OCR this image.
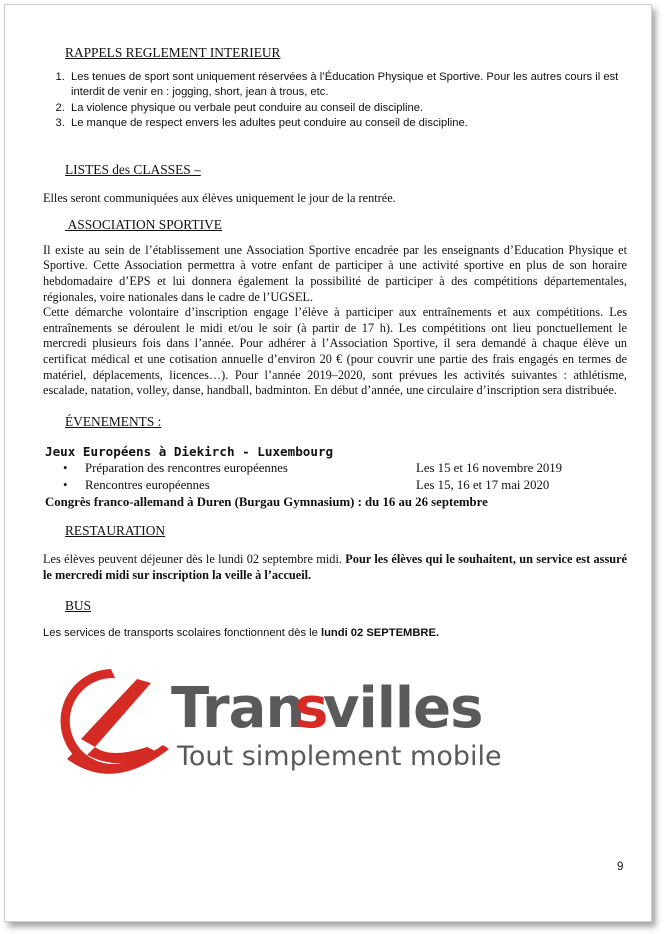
RAPPELS REGLEMENT INTERIEUR
1. Les tenues de sport sont uniquement réservées à l’Éducation Physique et Sportive. Pour les autres cours il est interdit de venir en : jogging, short, jean à trous, etc.
2. La violence physique ou verbale peut conduire au conseil de discipline.
3. Le manque de respect envers les adultes peut conduire au conseil de discipline.
LISTES des CLASSES –

Elles seront communiquées aux élèves uniquement le jour de la rentrée.

ASSOCIATION SPORTIVE

Il existe au sein de l’établissement une Association Sportive encadrée par les enseignants d’Education Physique et Sportive. Cette Association permettra à votre enfant de participer à une activité sportive en plus de son horaire hebdomadaire d’EPS et lui donnera également la possibilité de participer à des compétitions départementales, régionales, voire nationales dans le cadre de l’UGSEL.

Cette démarche volontaire d’inscription engage l’élève à participer aux entraînements et aux compétitions. Les entraînements se déroulent le midi et/ou le soir (à partir de 17 h). Les compétitions ont lieu ponctuellement le mercredi plusieurs fois dans l’année. Pour adhérer à l’Association Sportive, il sera demandé à chaque élève un certificat médical et une cotisation annuelle d’environ 20 € (pour couvrir une partie des frais engagés en termes de matériel, déplacements, licences…). Pour l’année 2019–2020, sont prévues les activités suivantes : athlétisme, escalade, natation, volley, danse, handball, badminton. En début d’année, une circulaire d’inscription sera distribuée.

ÉVENEMENTS :
Jeux Européens à Diekirch - Luxembourg
•	Préparation des rencontres européennes	Les 15 et 16 novembre 2019
•	Rencontres européennes	Les 15, 16 et 17 mai 2020
Congrès franco-allemand à Duren (Burgau Gymnasium) : du 16 au 26 septembre
RESTAURATION

Les élèves peuvent déjeuner dès le lundi 02 septembre midi. Pour les élèves qui le souhaitent, un service est assuré le mercredi midi sur inscription la veille à l’accueil.

BUS

Les services de transports scolaires fonctionnent dès le lundi 02 SEPTEMBRE.

Tran
s
villes
Tout simplement mobile
9
